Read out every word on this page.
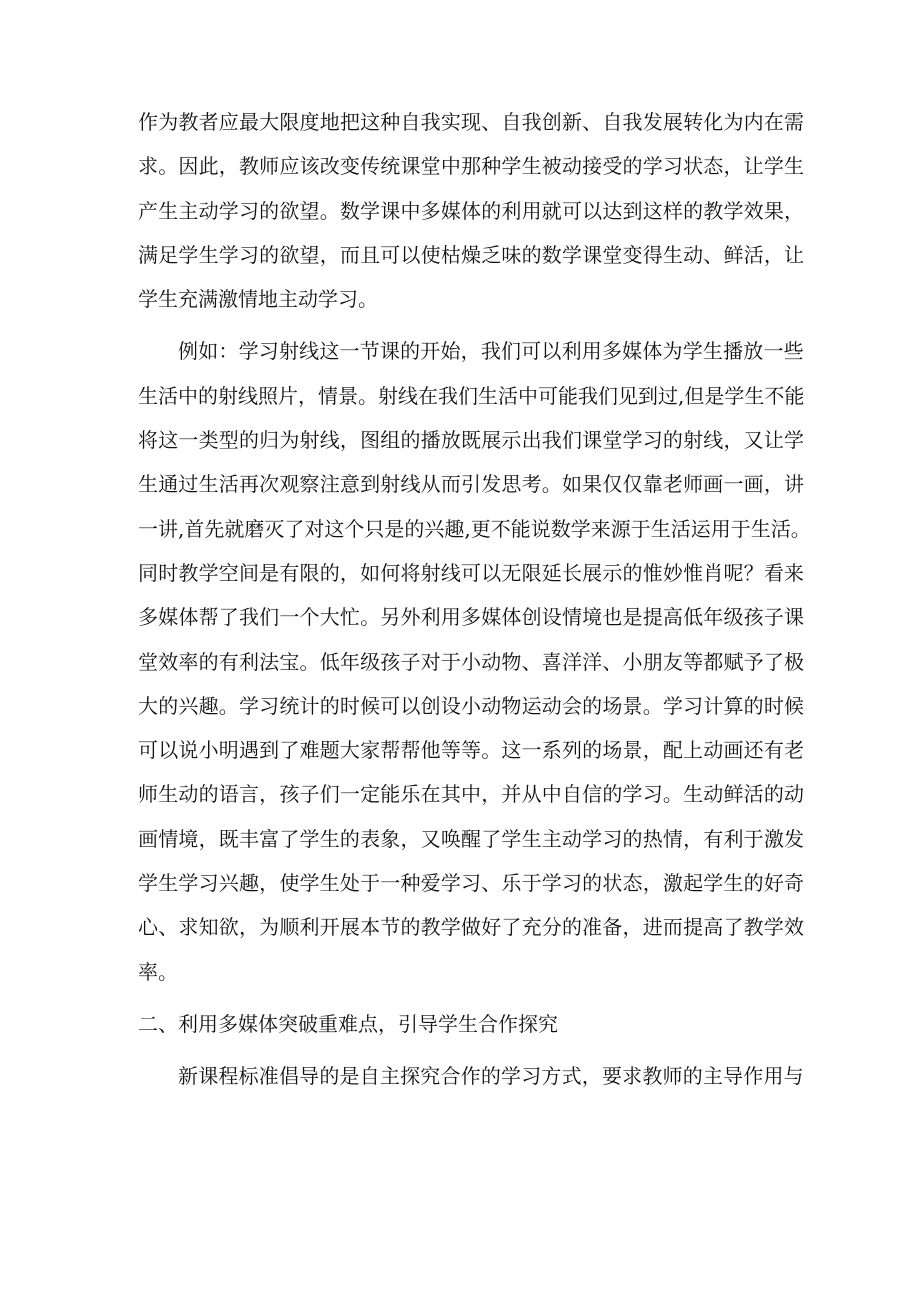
作 为 教 者 应 最 大 限 度 地 把 这 种 自 我 实 现 、 自 我 创 新 、 自 我 发 展 转 化 为 内 在 需
求 。 因 此 ， 教 师 应 该 改 变 传 统 课 堂 中 那 种 学 生 被 动 接 受 的 学 习 状 态 ， 让 学 生
产 生 主 动 学 习 的 欲 望 。 数 学 课 中 多 媒 体 的 利 用 就 可 以 达 到 这 样 的 教 学 效 果 ，
满 足 学 生 学 习 的 欲 望 ， 而 且 可 以 使 枯 燥 乏 味 的 数 学 课 堂 变 得 生 动 、 鲜 活 ， 让
学生充满激情地主动学习。
例 如 ： 学 习 射 线 这 一 节 课 的 开 始 ， 我 们 可 以 利 用 多 媒 体 为 学 生 播 放 一 些
生 活 中 的 射 线 照 片 ， 情 景 。 射 线 在 我 们 生 活 中 可 能 我 们 见 到 过 , 但 是 学 生 不 能
将 这 一 类 型 的 归 为 射 线 ， 图 组 的 播 放 既 展 示 出 我 们 课 堂 学 习 的 射 线 ， 又 让 学
生 通 过 生 活 再 次 观 察 注 意 到 射 线 从 而 引 发 思 考 。 如 果 仅 仅 靠 老 师 画 一 画 ， 讲
一 讲 , 首 先 就 磨 灭 了 对 这 个 只 是 的 兴 趣 , 更 不 能 说 数 学 来 源 于 生 活 运 用 于 生 活 。
同 时 教 学 空 间 是 有 限 的 ， 如 何 将 射 线 可 以 无 限 延 长 展 示 的 惟 妙 惟 肖 呢 ？ 看 来
多 媒 体 帮 了 我 们 一 个 大 忙 。 另 外 利 用 多 媒 体 创 设 情 境 也 是 提 高 低 年 级 孩 子 课
堂 效 率 的 有 利 法 宝 。 低 年 级 孩 子 对 于 小 动 物 、 喜 洋 洋 、 小 朋 友 等 都 赋 予 了 极
大 的 兴 趣 。 学 习 统 计 的 时 候 可 以 创 设 小 动 物 运 动 会 的 场 景 。 学 习 计 算 的 时 候
可 以 说 小 明 遇 到 了 难 题 大 家 帮 帮 他 等 等 。 这 一 系 列 的 场 景 ， 配 上 动 画 还 有 老
师 生 动 的 语 言 ， 孩 子 们 一 定 能 乐 在 其 中 ， 并 从 中 自 信 的 学 习 。 生 动 鲜 活 的 动
画 情 境 ， 既 丰 富 了 学 生 的 表 象 ， 又 唤 醒 了 学 生 主 动 学 习 的 热 情 ， 有 利 于 激 发
学 生 学 习 兴 趣 ， 使 学 生 处 于 一 种 爱 学 习 、 乐 于 学 习 的 状 态 ， 激 起 学 生 的 好 奇
心 、 求 知 欲 ， 为 顺 利 开 展 本 节 的 教 学 做 好 了 充 分 的 准 备 ， 进 而 提 高 了 教 学 效
率。
二、利用多媒体突破重难点，引导学生合作探究
新 课 程 标 准 倡 导 的 是 自 主 探 究 合 作 的 学 习 方 式 ， 要 求 教 师 的 主 导 作 用 与
